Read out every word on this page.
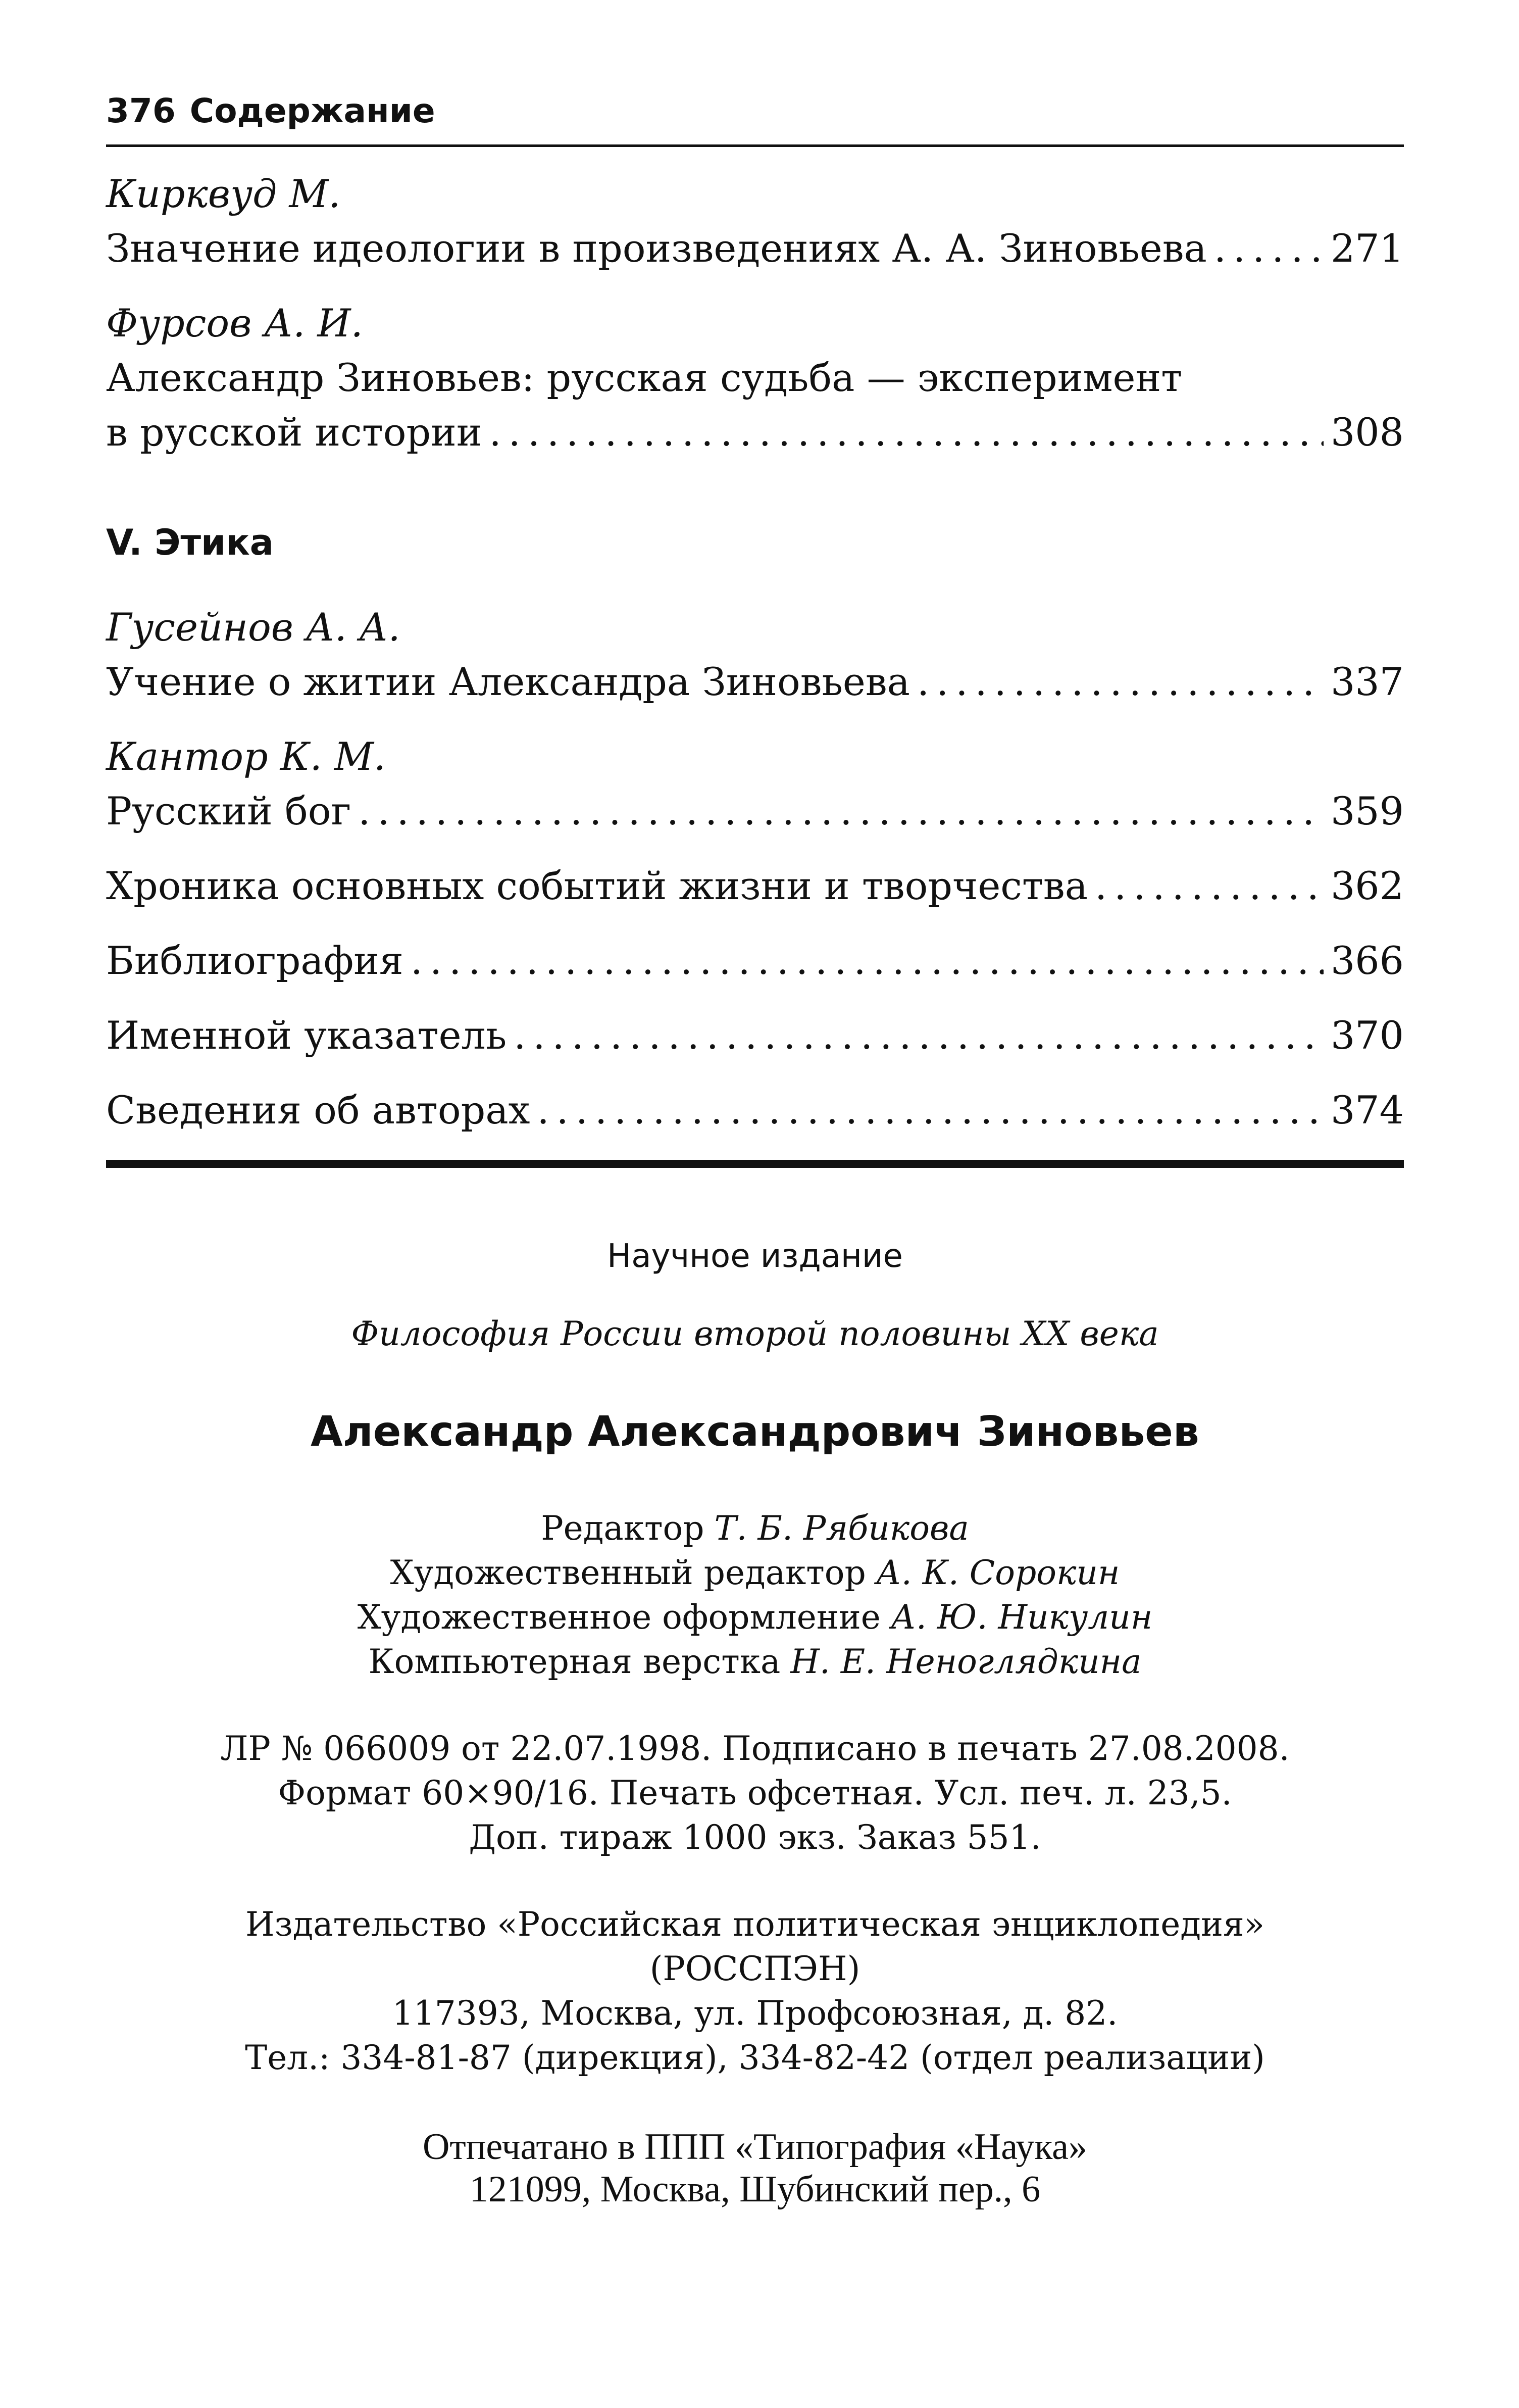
376 Содержание
Кирквуд М.
Значение идеологии в произведениях А. А. Зиновьева .....	271
Фурсов А. И.
Александр Зиновьев: русская судьба — эксперимент
в русской истории .....	308
V. Этика
Гусейнов А. А.
Учение о житии Александра Зиновьева .....	337
Кантор К. М.
Русский бог .....	359
Хроника основных событий жизни и творчества .....	362
Библиография .....	366
Именной указатель .....	370
Сведения об авторах .....	374
Научное издание
Философия России второй половины XX века
Александр Александрович Зиновьев
Редактор Т. Б. Рябикова
Художественный редактор А. К. Сорокин
Художественное оформление А. Ю. Никулин
Компьютерная верстка Н. Е. Неноглядкина
ЛР № 066009 от 22.07.1998. Подписано в печать 27.08.2008.
Формат 60×90/16. Печать офсетная. Усл. печ. л. 23,5.
Доп. тираж 1000 экз. Заказ 551.
Издательство «Российская политическая энциклопедия»
(РОССПЭН)
117393, Москва, ул. Профсоюзная, д. 82.
Тел.: 334-81-87 (дирекция), 334-82-42 (отдел реализации)
Отпечатано в ППП «Типография «Наука»
121099, Москва, Шубинский пер., 6
